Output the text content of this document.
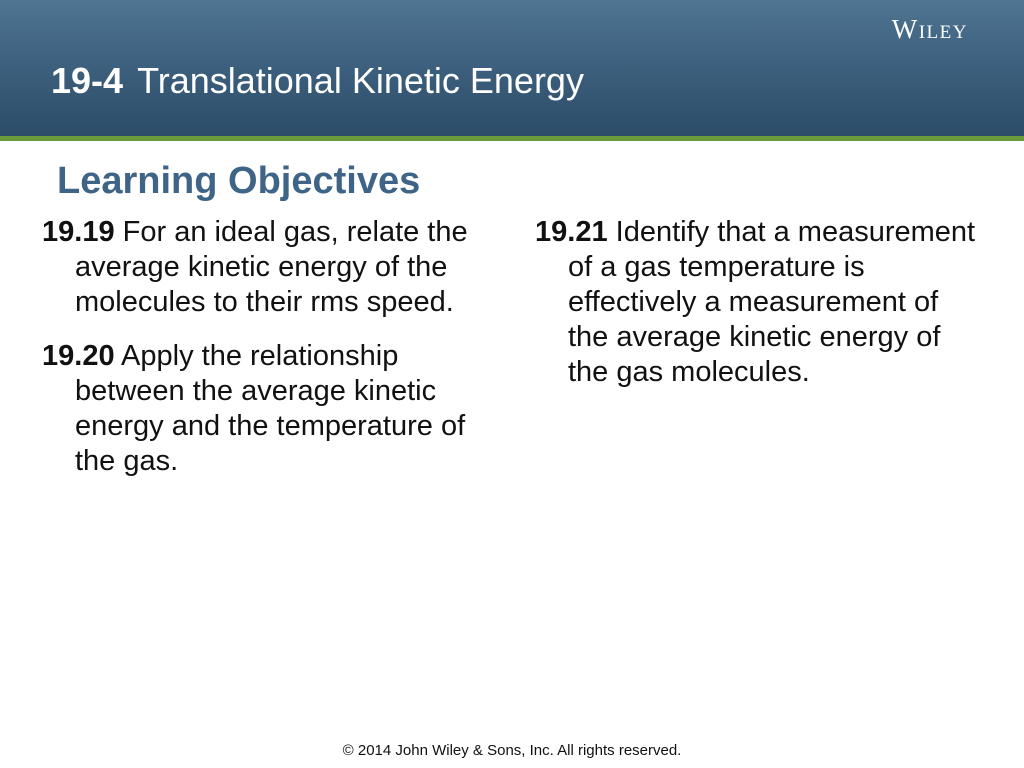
Wiley
19-4 Translational Kinetic Energy
Learning Objectives
19.19 For an ideal gas, relate the average kinetic energy of the molecules to their rms speed.
19.20 Apply the relationship between the average kinetic energy and the temperature of the gas.
19.21 Identify that a measurement of a gas temperature is effectively a measurement of the average kinetic energy of the gas molecules.
© 2014 John Wiley & Sons, Inc. All rights reserved.
